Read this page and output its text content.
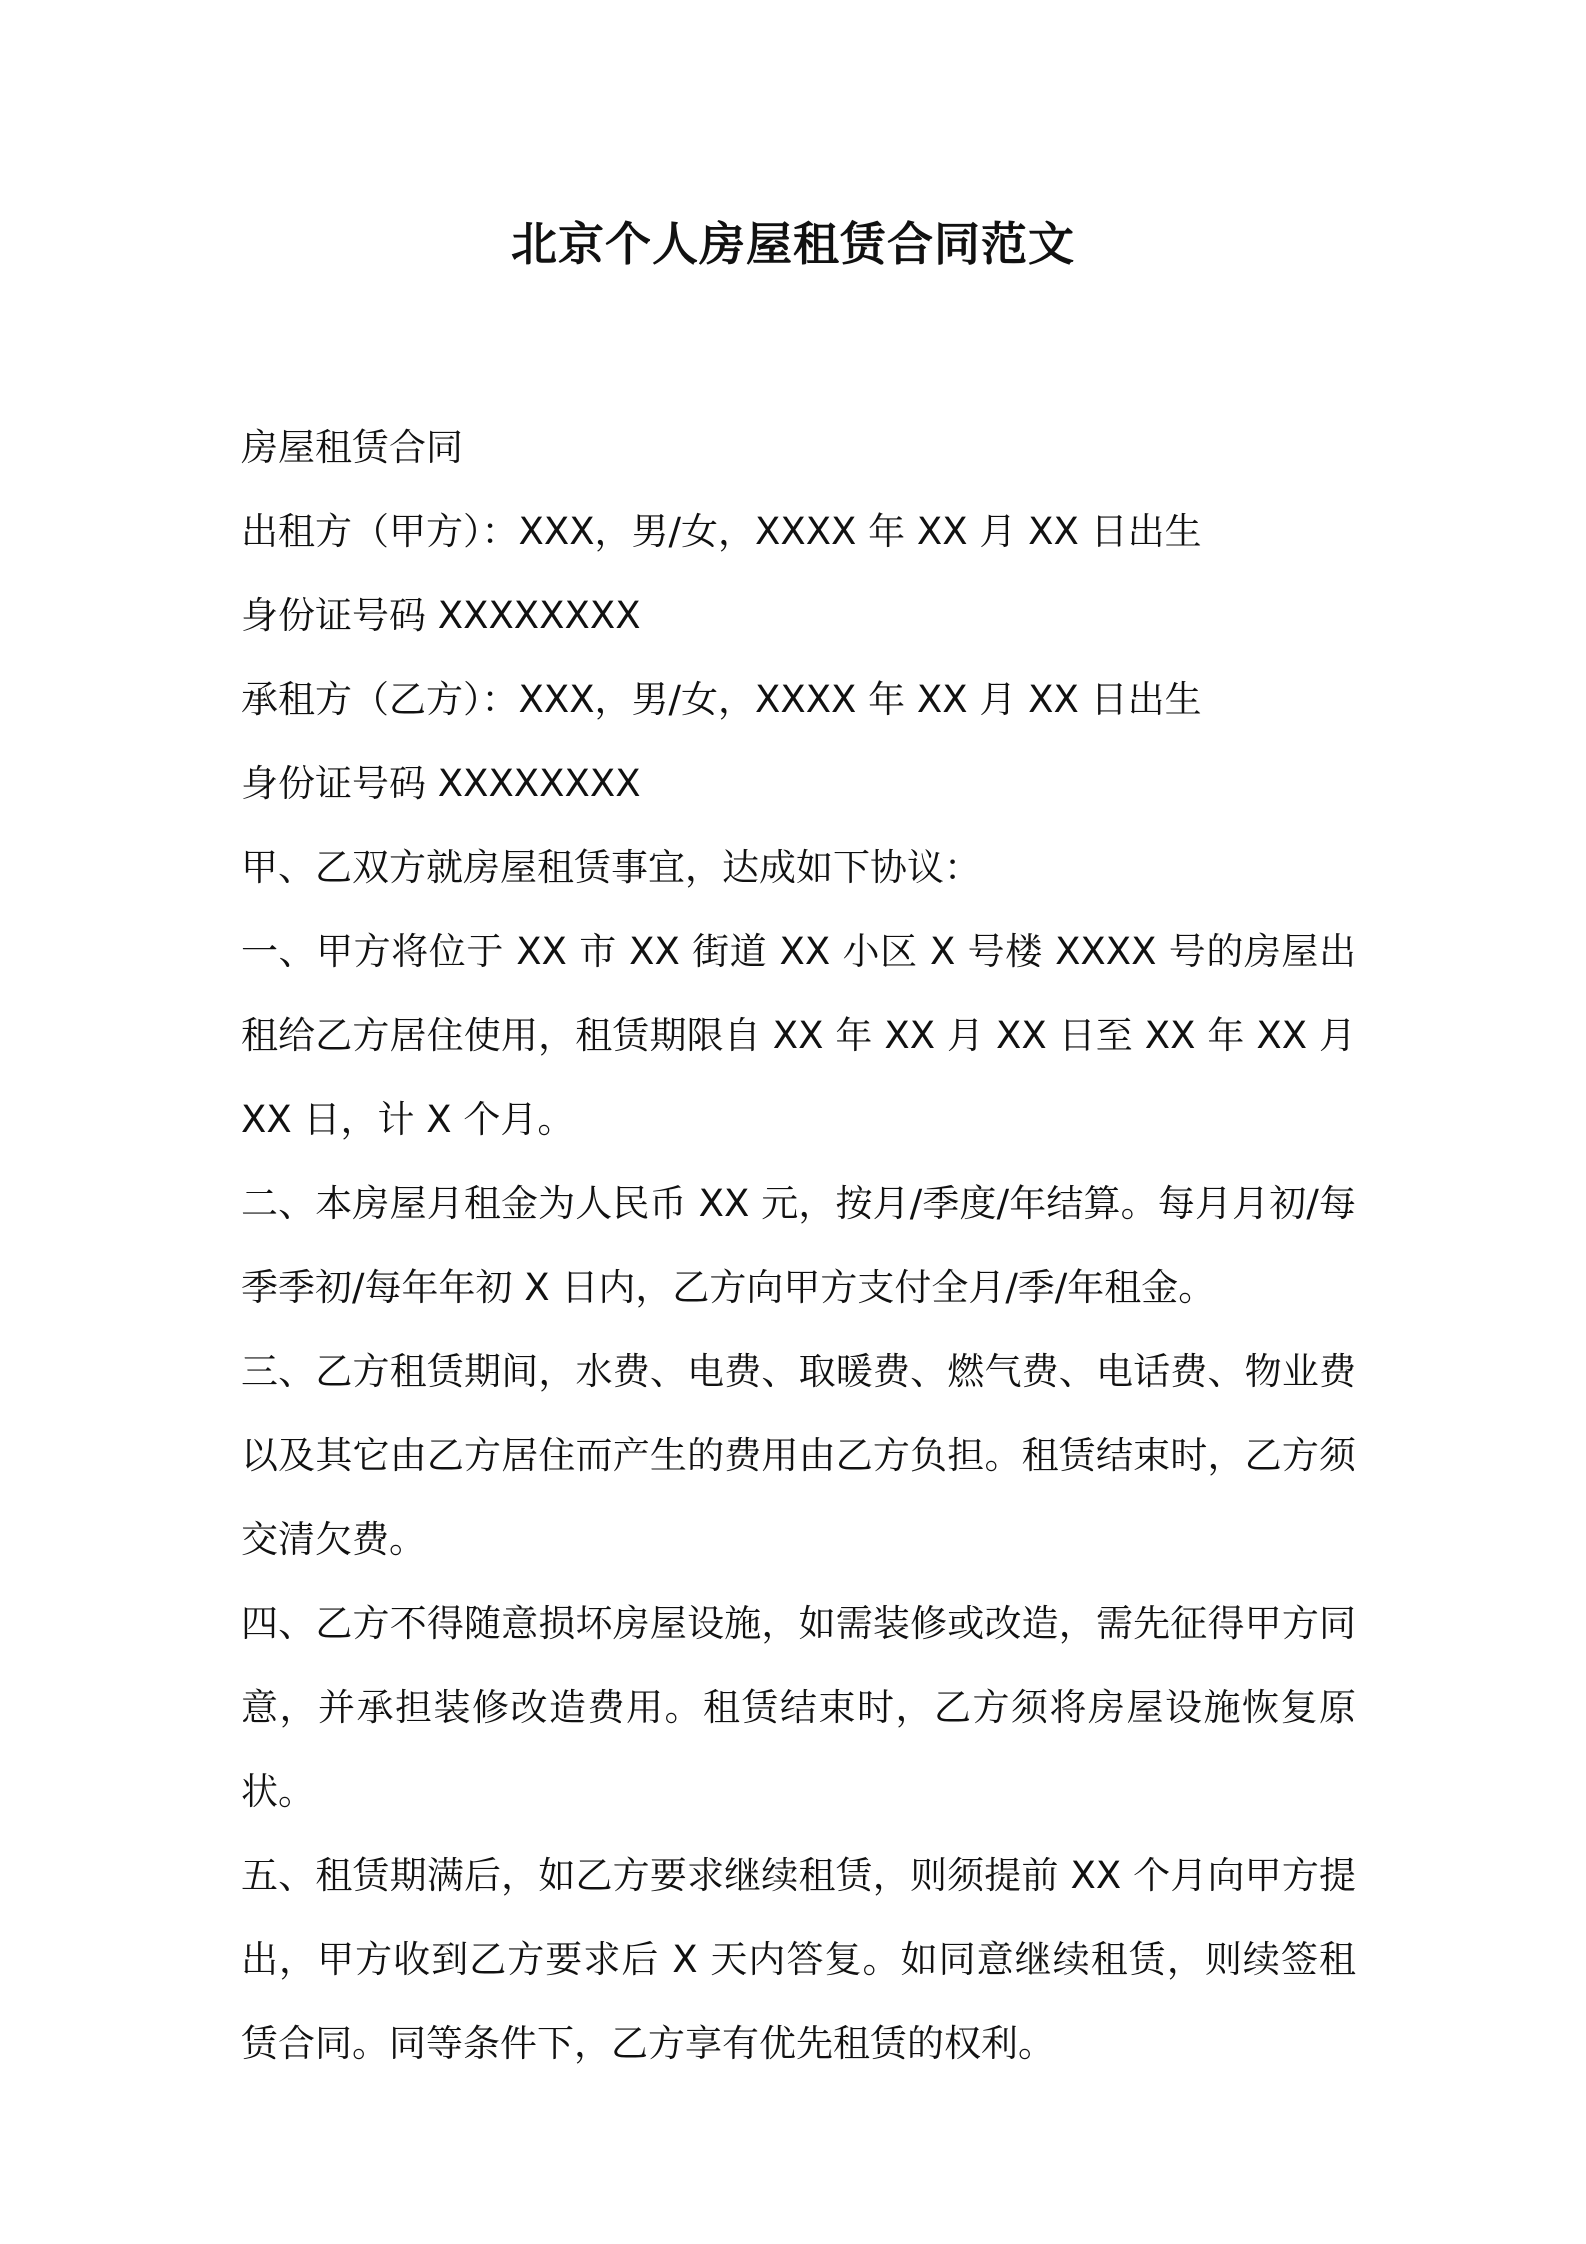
北京个人房屋租赁合同范文

房屋租赁合同

出租方（甲方）：XXX，男/女，XXXX 年 XX 月 XX 日出生

身份证号码 XXXXXXXX

承租方（乙方）：XXX，男/女，XXXX 年 XX 月 XX 日出生

身份证号码 XXXXXXXX

甲、乙双方就房屋租赁事宜，达成如下协议：

一、甲方将位于 XX 市 XX 街道 XX 小区 X 号楼 XXXX 号的房屋出租给乙方居住使用，租赁期限自 XX 年 XX 月 XX 日至 XX 年 XX 月 XX 日，计 X 个月。

二、本房屋月租金为人民币 XX 元，按月/季度/年结算。每月月初/每季季初/每年年初 X 日内，乙方向甲方支付全月/季/年租金。

三、乙方租赁期间，水费、电费、取暖费、燃气费、电话费、物业费以及其它由乙方居住而产生的费用由乙方负担。租赁结束时，乙方须交清欠费。

四、乙方不得随意损坏房屋设施，如需装修或改造，需先征得甲方同意，并承担装修改造费用。租赁结束时，乙方须将房屋设施恢复原状。

五、租赁期满后，如乙方要求继续租赁，则须提前 XX 个月向甲方提出，甲方收到乙方要求后 X 天内答复。如同意继续租赁，则续签租赁合同。同等条件下，乙方享有优先租赁的权利。
